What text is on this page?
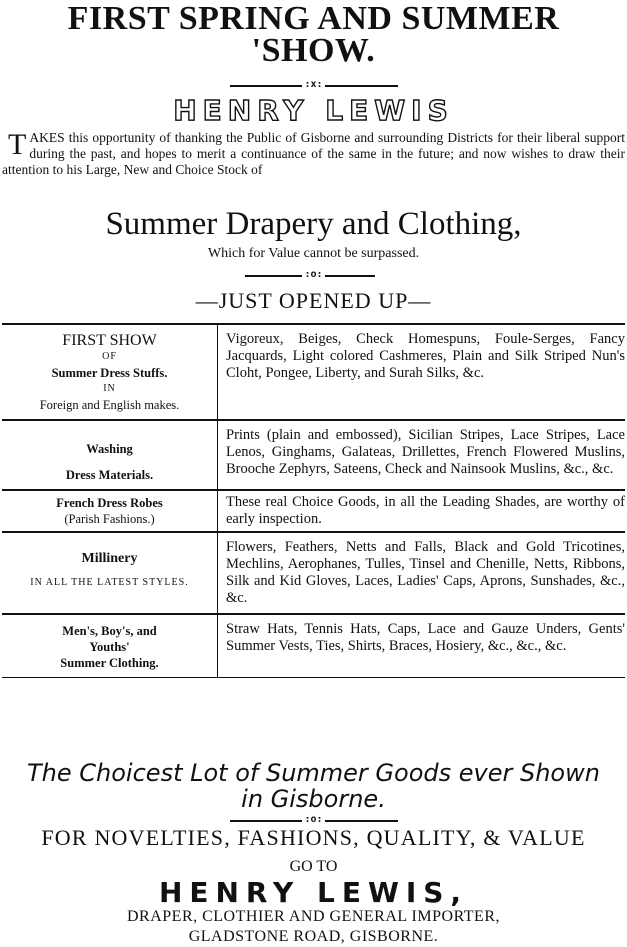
FIRST SPRING AND SUMMER
'SHOW.
:x:
HENRY LEWIS
TAKES this opportunity of thanking the Public of Gisborne and surrounding Districts for their liberal support during the past, and hopes to merit a continuance of the same in the future; and now wishes to draw their attention to his Large, New and Choice Stock of
Summer Drapery and Clothing,
Which for Value cannot be surpassed.
:o:
—JUST OPENED UP—
FIRST SHOW
OF
Summer Dress Stuffs.
IN
Foreign and English makes.	Vigoreux, Beiges, Check Homespuns, Foule-Serges, Fancy Jacquards, Light colored Cashmeres, Plain and Silk Striped Nun's Cloht, Pongee, Liberty, and Surah Silks, &c.

Washing
Dress Materials.	Prints (plain and embossed), Sicilian Stripes, Lace Stripes, Lace Lenos, Ginghams, Galateas, Drillettes, French Flowered Muslins, Brooche Zephyrs, Sateens, Check and Nainsook Muslins, &c., &c.

French Dress Robes
(Parish Fashions.)	These real Choice Goods, in all the Leading Shades, are worthy of early inspection.

Millinery
IN ALL THE LATEST STYLES.	Flowers, Feathers, Netts and Falls, Black and Gold Tricotines, Mechlins, Aerophanes, Tulles, Tinsel and Chenille, Netts, Ribbons, Silk and Kid Gloves, Laces, Ladies' Caps, Aprons, Sunshades, &c., &c.

Men's, Boy's, and
Youths'
Summer Clothing.	Straw Hats, Tennis Hats, Caps, Lace and Gauze Unders, Gents' Summer Vests, Ties, Shirts, Braces, Hosiery, &c., &c., &c.
The Choicest Lot of Summer Goods ever Shown
in Gisborne.
:o:
FOR NOVELTIES, FASHIONS, QUALITY, & VALUE
GO TO
HENRY LEWIS,
DRAPER, CLOTHIER AND GENERAL IMPORTER,
GLADSTONE ROAD, GISBORNE.
